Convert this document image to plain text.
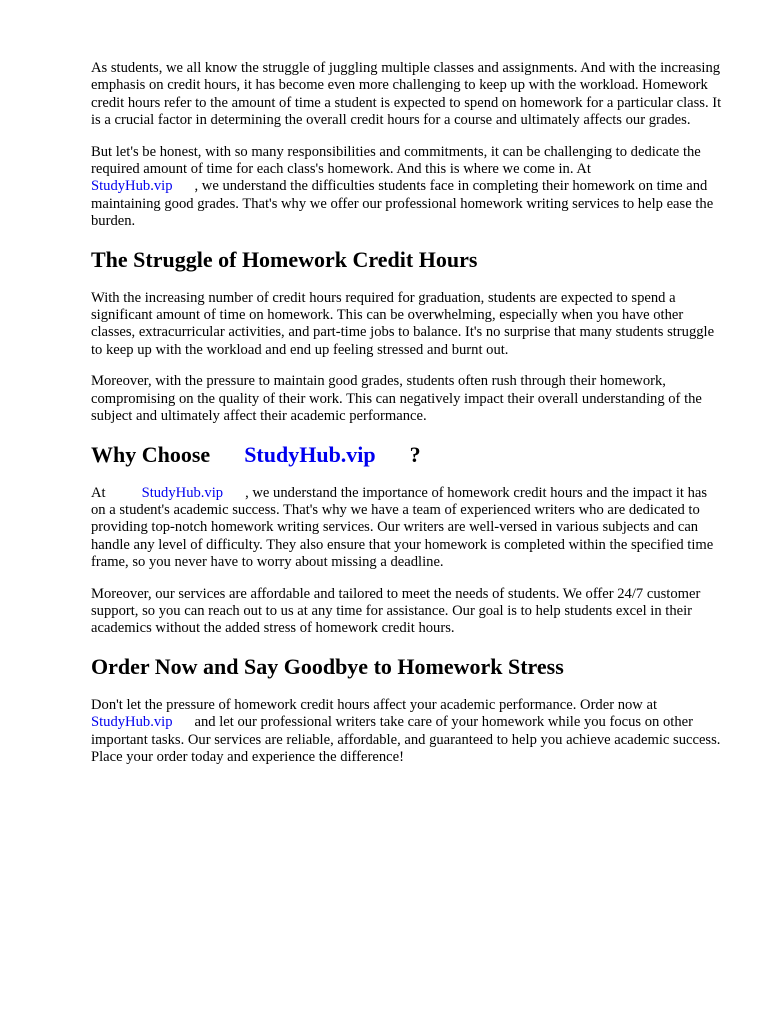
As students, we all know the struggle of juggling multiple classes and assignments. And with the increasing emphasis on credit hours, it has become even more challenging to keep up with the workload. Homework credit hours refer to the amount of time a student is expected to spend on homework for a particular class. It is a crucial factor in determining the overall credit hours for a course and ultimately affects our grades.

But let's be honest, with so many responsibilities and commitments, it can be challenging to dedicate the required amount of time for each class's homework. And this is where we come in. At
StudyHub.vip , we understand the difficulties students face in completing their homework on time and maintaining good grades. That's why we offer our professional homework writing services to help ease the burden.

The Struggle of Homework Credit Hours

With the increasing number of credit hours required for graduation, students are expected to spend a significant amount of time on homework. This can be overwhelming, especially when you have other classes, extracurricular activities, and part-time jobs to balance. It's no surprise that many students struggle to keep up with the workload and end up feeling stressed and burnt out.

Moreover, with the pressure to maintain good grades, students often rush through their homework, compromising on the quality of their work. This can negatively impact their overall understanding of the subject and ultimately affect their academic performance.

Why Choose StudyHub.vip ?

At StudyHub.vip , we understand the importance of homework credit hours and the impact it has on a student's academic success. That's why we have a team of experienced writers who are dedicated to providing top-notch homework writing services. Our writers are well-versed in various subjects and can handle any level of difficulty. They also ensure that your homework is completed within the specified time frame, so you never have to worry about missing a deadline.

Moreover, our services are affordable and tailored to meet the needs of students. We offer 24/7 customer support, so you can reach out to us at any time for assistance. Our goal is to help students excel in their academics without the added stress of homework credit hours.

Order Now and Say Goodbye to Homework Stress

Don't let the pressure of homework credit hours affect your academic performance. Order now at
StudyHub.vip and let our professional writers take care of your homework while you focus on other important tasks. Our services are reliable, affordable, and guaranteed to help you achieve academic success. Place your order today and experience the difference!
